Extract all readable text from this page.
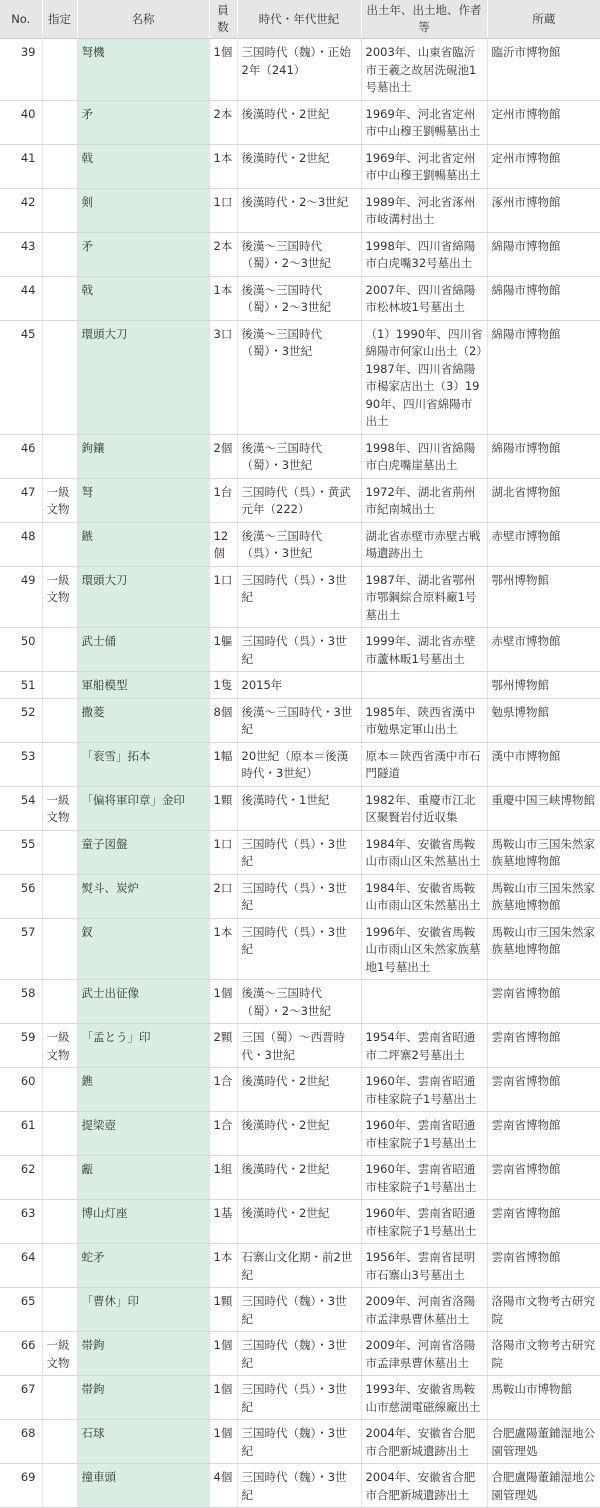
No.	指定	名称	員数	時代・年代世紀	出土年、出土地、作者等	所蔵
39		弩機	1個	三国時代（魏）・正始2年（241）	2003年、山東省臨沂市王羲之故居洗硯池1号墓出土	臨沂市博物館
40		矛	2本	後漢時代・2世紀	1969年、河北省定州市中山穆王劉暢墓出土	定州市博物館
41		戟	1本	後漢時代・2世紀	1969年、河北省定州市中山穆王劉暢墓出土	定州市博物館
42		剣	1口	後漢時代・2〜3世紀	1989年、河北省涿州市岐溝村出土	涿州市博物館
43		矛	2本	後漢〜三国時代（蜀）・2〜3世紀	1998年、四川省綿陽市白虎嘴32号墓出土	綿陽市博物館
44		戟	1本	後漢〜三国時代（蜀）・2〜3世紀	2007年、四川省綿陽市松林坡1号墓出土	綿陽市博物館
45		環頭大刀	3口	後漢〜三国時代（蜀）・3世紀	（1）1990年、四川省綿陽市何家山出土（2）1987年、四川省綿陽市楊家店出土（3）1990年、四川省綿陽市出土	綿陽市博物館
46		鉤鑲	2個	後漢〜三国時代（蜀）・3世紀	1998年、四川省綿陽市白虎嘴崖墓出土	綿陽市博物館
47	一級文物	弩	1台	三国時代（呉）・黄武元年（222）	1972年、湖北省荊州市紀南城出土	湖北省博物館
48		鏃	12個	後漢〜三国時代（呉）・3世紀	湖北省赤壁市赤壁古戦場遺跡出土	赤壁市博物館
49	一級文物	環頭大刀	1口	三国時代（呉）・3世紀	1987年、湖北省鄂州市鄂鋼綜合原料廠1号墓出土	鄂州博物館
50		武士俑	1軀	三国時代（呉）・3世紀	1999年、湖北省赤壁市蘆林畈1号墓出土	赤壁市博物館
51		軍船模型	1隻	2015年		鄂州博物館
52		撒菱	8個	後漢〜三国時代・3世紀	1985年、陝西省漢中市勉県定軍山出土	勉県博物館
53		「衮雪」拓本	1幅	20世紀（原本＝後漢時代・3世紀）	原本＝陝西省漢中市石門隧道	漢中市博物館
54	一級文物	「偏将軍印章」金印	1顆	後漢時代・1世紀	1982年、重慶市江北区聚賢岩付近収集	重慶中国三峡博物館
55		童子図盤	1口	三国時代（呉）・3世紀	1984年、安徽省馬鞍山市雨山区朱然墓出土	馬鞍山市三国朱然家族墓地博物館
56		熨斗、炭炉	2口	三国時代（呉）・3世紀	1984年、安徽省馬鞍山市雨山区朱然墓出土	馬鞍山市三国朱然家族墓地博物館
57		釵	1本	三国時代（呉）・3世紀	1996年、安徽省馬鞍山市雨山区朱然家族墓地1号墓出土	馬鞍山市三国朱然家族墓地博物館
58		武士出征像	1個	後漢〜三国時代（蜀）・2〜3世紀		雲南省博物館
59	一級文物	「孟とう」印	2顆	三国（蜀）〜西晋時代・3世紀	1954年、雲南省昭通市二坪寨2号墓出土	雲南省博物館
60		鐎	1合	後漢時代・2世紀	1960年、雲南省昭通市桂家院子1号墓出土	雲南省博物館
61		提梁壺	1合	後漢時代・2世紀	1960年、雲南省昭通市桂家院子1号墓出土	雲南省博物館
62		甗	1組	後漢時代・2世紀	1960年、雲南省昭通市桂家院子1号墓出土	雲南省博物館
63		博山灯座	1基	後漢時代・2世紀	1960年、雲南省昭通市桂家院子1号墓出土	雲南省博物館
64		蛇矛	1本	石寨山文化期・前2世紀	1956年、雲南省昆明市石寨山3号墓出土	雲南省博物館
65		「曹休」印	1顆	三国時代（魏）・3世紀	2009年、河南省洛陽市孟津県曹休墓出土	洛陽市文物考古研究院
66	一級文物	帯鉤	1個	三国時代（魏）・3世紀	2009年、河南省洛陽市孟津県曹休墓出土	洛陽市文物考古研究院
67		帯鉤	1個	三国時代（呉）・3世紀	1993年、安徽省馬鞍山市慈湖電磁線廠出土	馬鞍山市博物館
68		石球	1個	三国時代（魏）・3世紀	2004年、安徽省合肥市合肥新城遺跡出土	合肥盧陽董鋪湿地公園管理処
69		撞車頭	4個	三国時代（魏）・3世紀	2004年、安徽省合肥市合肥新城遺跡出土	合肥盧陽董鋪湿地公園管理処
